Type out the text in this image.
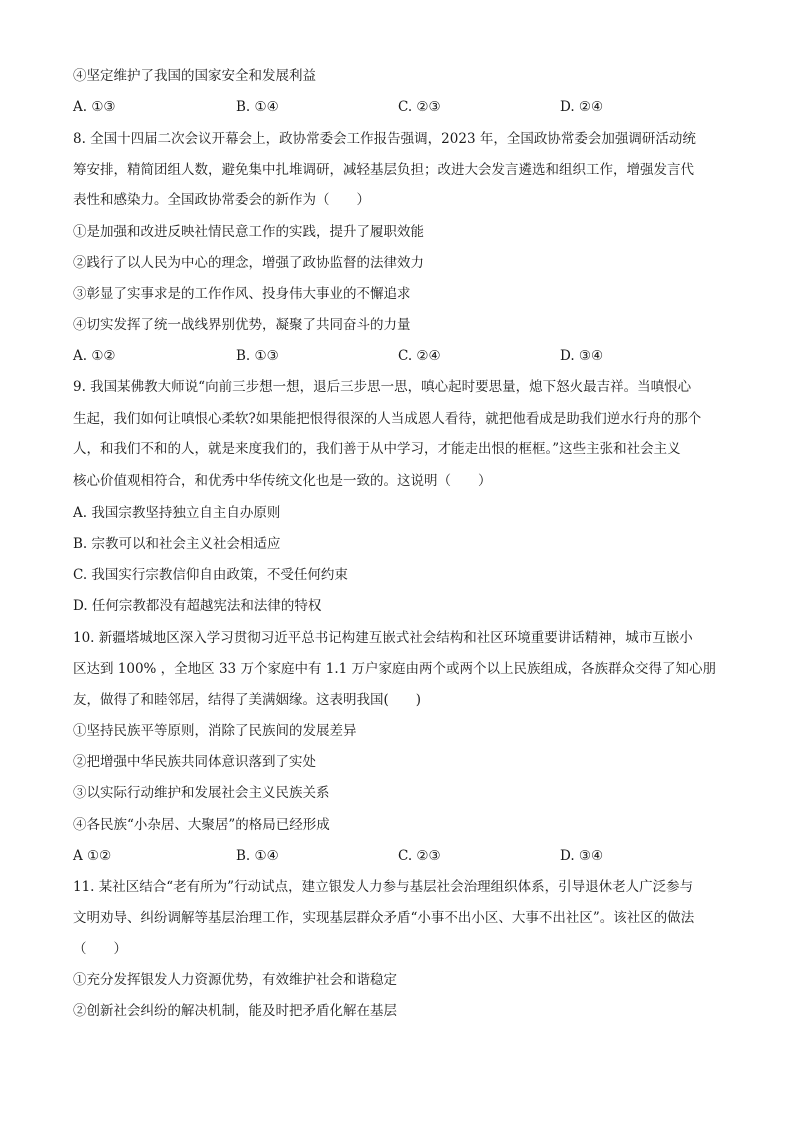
④坚定维护了我国的国家安全和发展利益
A. ①③	B. ①④	C. ②③	D. ②④
8. 全国十四届二次会议开幕会上，政协常委会工作报告强调，2023 年，全国政协常委会加强调研活动统
筹安排，精简团组人数，避免集中扎堆调研，减轻基层负担；改进大会发言遴选和组织工作，增强发言代
表性和感染力。全国政协常委会的新作为（　　）
①是加强和改进反映社情民意工作的实践，提升了履职效能
②践行了以人民为中心的理念，增强了政协监督的法律效力
③彰显了实事求是的工作作风、投身伟大事业的不懈追求
④切实发挥了统一战线界别优势，凝聚了共同奋斗的力量
A. ①②	B. ①③	C. ②④	D. ③④
9. 我国某佛教大师说“向前三步想一想，退后三步思一思，嗔心起时要思量，熄下怒火最吉祥。当嗔恨心
生起，我们如何让嗔恨心柔软?如果能把恨得很深的人当成恩人看待，就把他看成是助我们逆水行舟的那个
人，和我们不和的人，就是来度我们的，我们善于从中学习，才能走出恨的框框。”这些主张和社会主义
核心价值观相符合，和优秀中华传统文化也是一致的。这说明（　　）
A. 我国宗教坚持独立自主自办原则
B. 宗教可以和社会主义社会相适应
C. 我国实行宗教信仰自由政策，不受任何约束
D. 任何宗教都没有超越宪法和法律的特权
10. 新疆塔城地区深入学习贯彻习近平总书记构建互嵌式社会结构和社区环境重要讲话精神，城市互嵌小
区达到 100% ，全地区 33 万个家庭中有 1.1 万户家庭由两个或两个以上民族组成，各族群众交得了知心朋
友，做得了和睦邻居，结得了美满姻缘。这表明我国(　　)
①坚持民族平等原则，消除了民族间的发展差异
②把增强中华民族共同体意识落到了实处
③以实际行动维护和发展社会主义民族关系
④各民族“小杂居、大聚居”的格局已经形成
A ①②	B. ①④	C. ②③	D. ③④
11. 某社区结合“老有所为”行动试点，建立银发人力参与基层社会治理组织体系，引导退休老人广泛参与
文明劝导、纠纷调解等基层治理工作，实现基层群众矛盾“小事不出小区、大事不出社区”。该社区的做法
（　　）
①充分发挥银发人力资源优势，有效维护社会和谐稳定
②创新社会纠纷的解决机制，能及时把矛盾化解在基层
